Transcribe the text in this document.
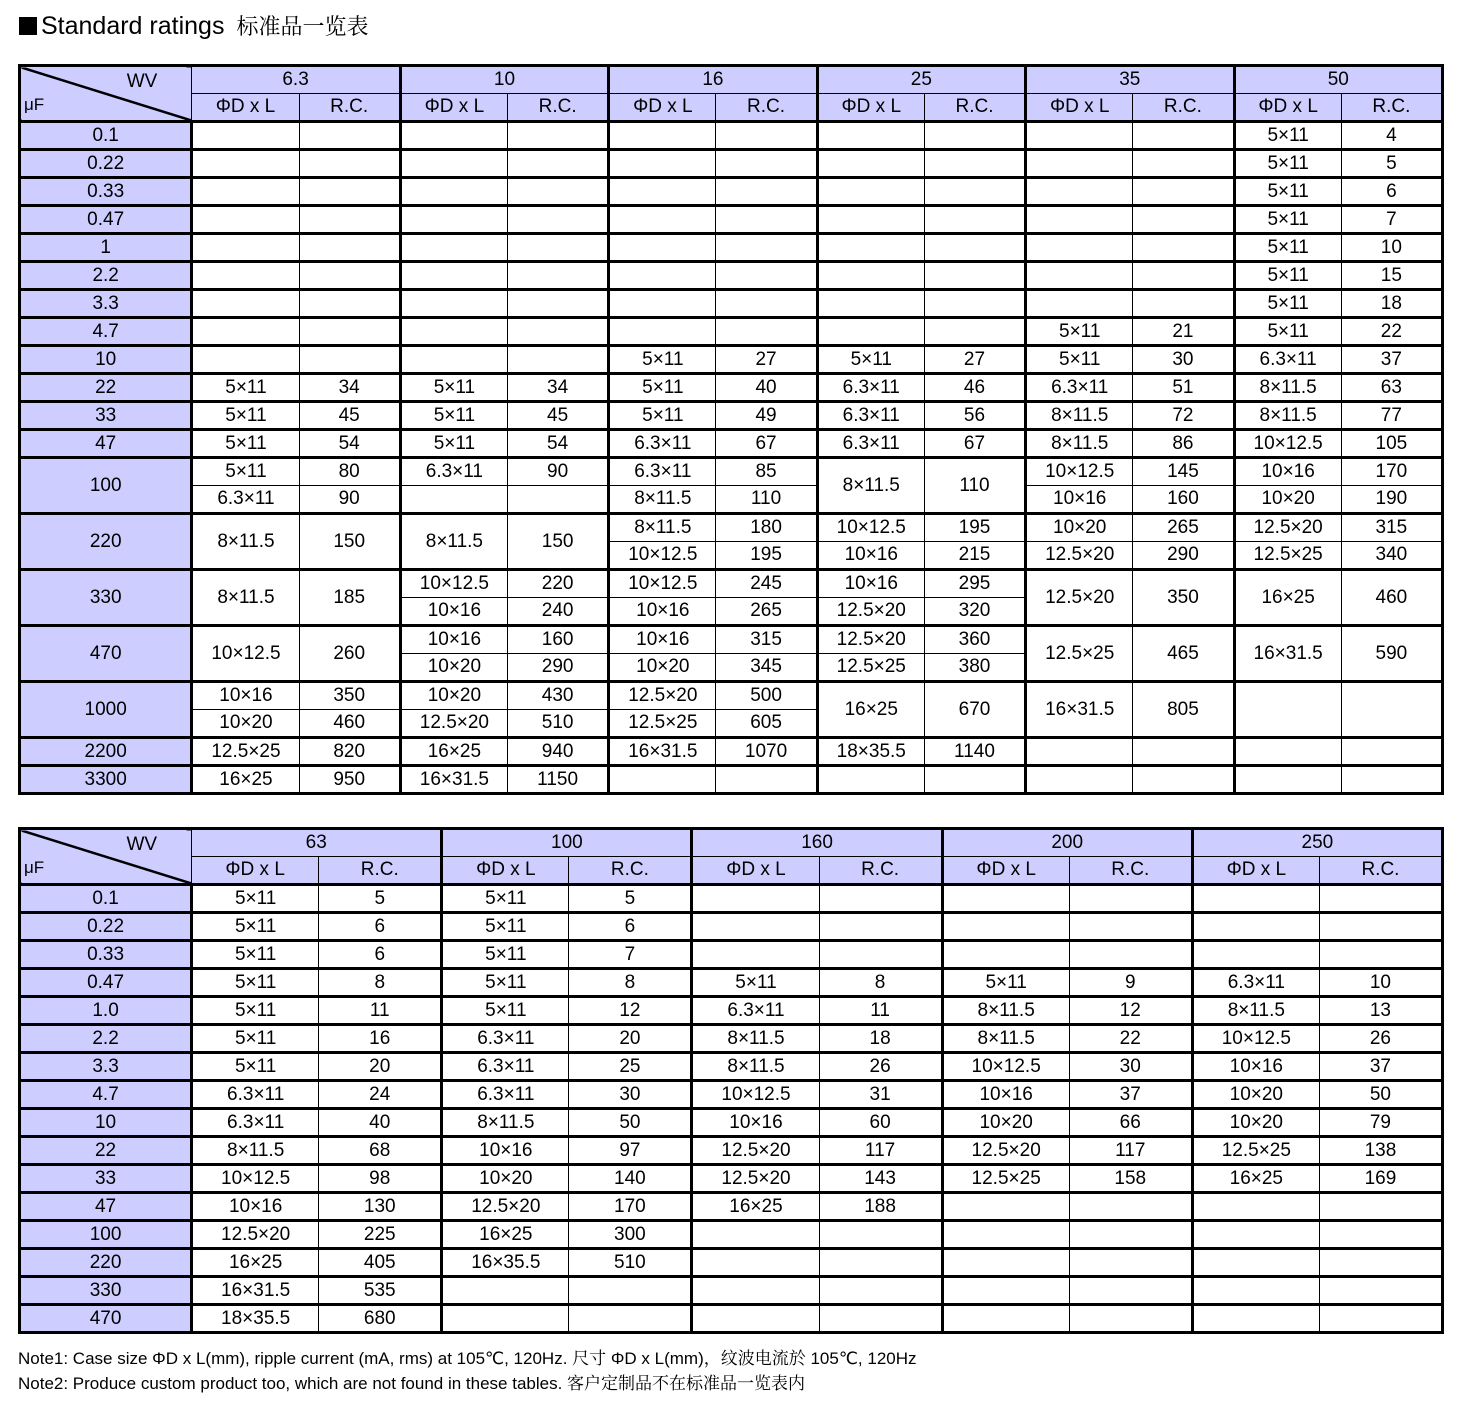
Standard ratings 标准品一览表
WV
μF	6.3		10		16		25		35		50	
	ΦD x L	R.C.	ΦD x L	R.C.	ΦD x L	R.C.	ΦD x L	R.C.	ΦD x L	R.C.	ΦD x L	R.C.
0.1											5×11	4
0.22											5×11	5
0.33											5×11	6
0.47											5×11	7
1											5×11	10
2.2											5×11	15
3.3											5×11	18
4.7									5×11	21	5×11	22
10					5×11	27	5×11	27	5×11	30	6.3×11	37
22	5×11	34	5×11	34	5×11	40	6.3×11	46	6.3×11	51	8×11.5	63
33	5×11	45	5×11	45	5×11	49	6.3×11	56	8×11.5	72	8×11.5	77
47	5×11	54	5×11	54	6.3×11	67	6.3×11	67	8×11.5	86	10×12.5	105
100	5×11	80	6.3×11	90	6.3×11	85	8×11.5	110	10×12.5	145	10×16	170
	6.3×11	90			8×11.5	110			10×16	160	10×20	190
220	8×11.5	150	8×11.5	150	8×11.5	180	10×12.5	195	10×20	265	12.5×20	315
					10×12.5	195	10×16	215	12.5×20	290	12.5×25	340
330	8×11.5	185	10×12.5	220	10×12.5	245	10×16	295	12.5×20	350	16×25	460
			10×16	240	10×16	265	12.5×20	320				
470	10×12.5	260	10×16	160	10×16	315	12.5×20	360	12.5×25	465	16×31.5	590
			10×20	290	10×20	345	12.5×25	380				
1000	10×16	350	10×20	430	12.5×20	500	16×25	670	16×31.5	805		
	10×20	460	12.5×20	510	12.5×25	605						
2200	12.5×25	820	16×25	940	16×31.5	1070	18×35.5	1140				
3300	16×25	950	16×31.5	1150								
WV
μF	63		100		160		200		250	
	ΦD x L	R.C.	ΦD x L	R.C.	ΦD x L	R.C.	ΦD x L	R.C.	ΦD x L	R.C.
0.1	5×11	5	5×11	5						
0.22	5×11	6	5×11	6						
0.33	5×11	6	5×11	7						
0.47	5×11	8	5×11	8	5×11	8	5×11	9	6.3×11	10
1.0	5×11	11	5×11	12	6.3×11	11	8×11.5	12	8×11.5	13
2.2	5×11	16	6.3×11	20	8×11.5	18	8×11.5	22	10×12.5	26
3.3	5×11	20	6.3×11	25	8×11.5	26	10×12.5	30	10×16	37
4.7	6.3×11	24	6.3×11	30	10×12.5	31	10×16	37	10×20	50
10	6.3×11	40	8×11.5	50	10×16	60	10×20	66	10×20	79
22	8×11.5	68	10×16	97	12.5×20	117	12.5×20	117	12.5×25	138
33	10×12.5	98	10×20	140	12.5×20	143	12.5×25	158	16×25	169
47	10×16	130	12.5×20	170	16×25	188				
100	12.5×20	225	16×25	300						
220	16×25	405	16×35.5	510						
330	16×31.5	535								
470	18×35.5	680								
Note1: Case size ΦD x L(mm), ripple current (mA, rms) at 105℃, 120Hz. 尺寸 ΦD x L(mm)，纹波电流於 105℃, 120Hz
Note2: Produce custom product too, which are not found in these tables. 客户定制品不在标准品一览表内
